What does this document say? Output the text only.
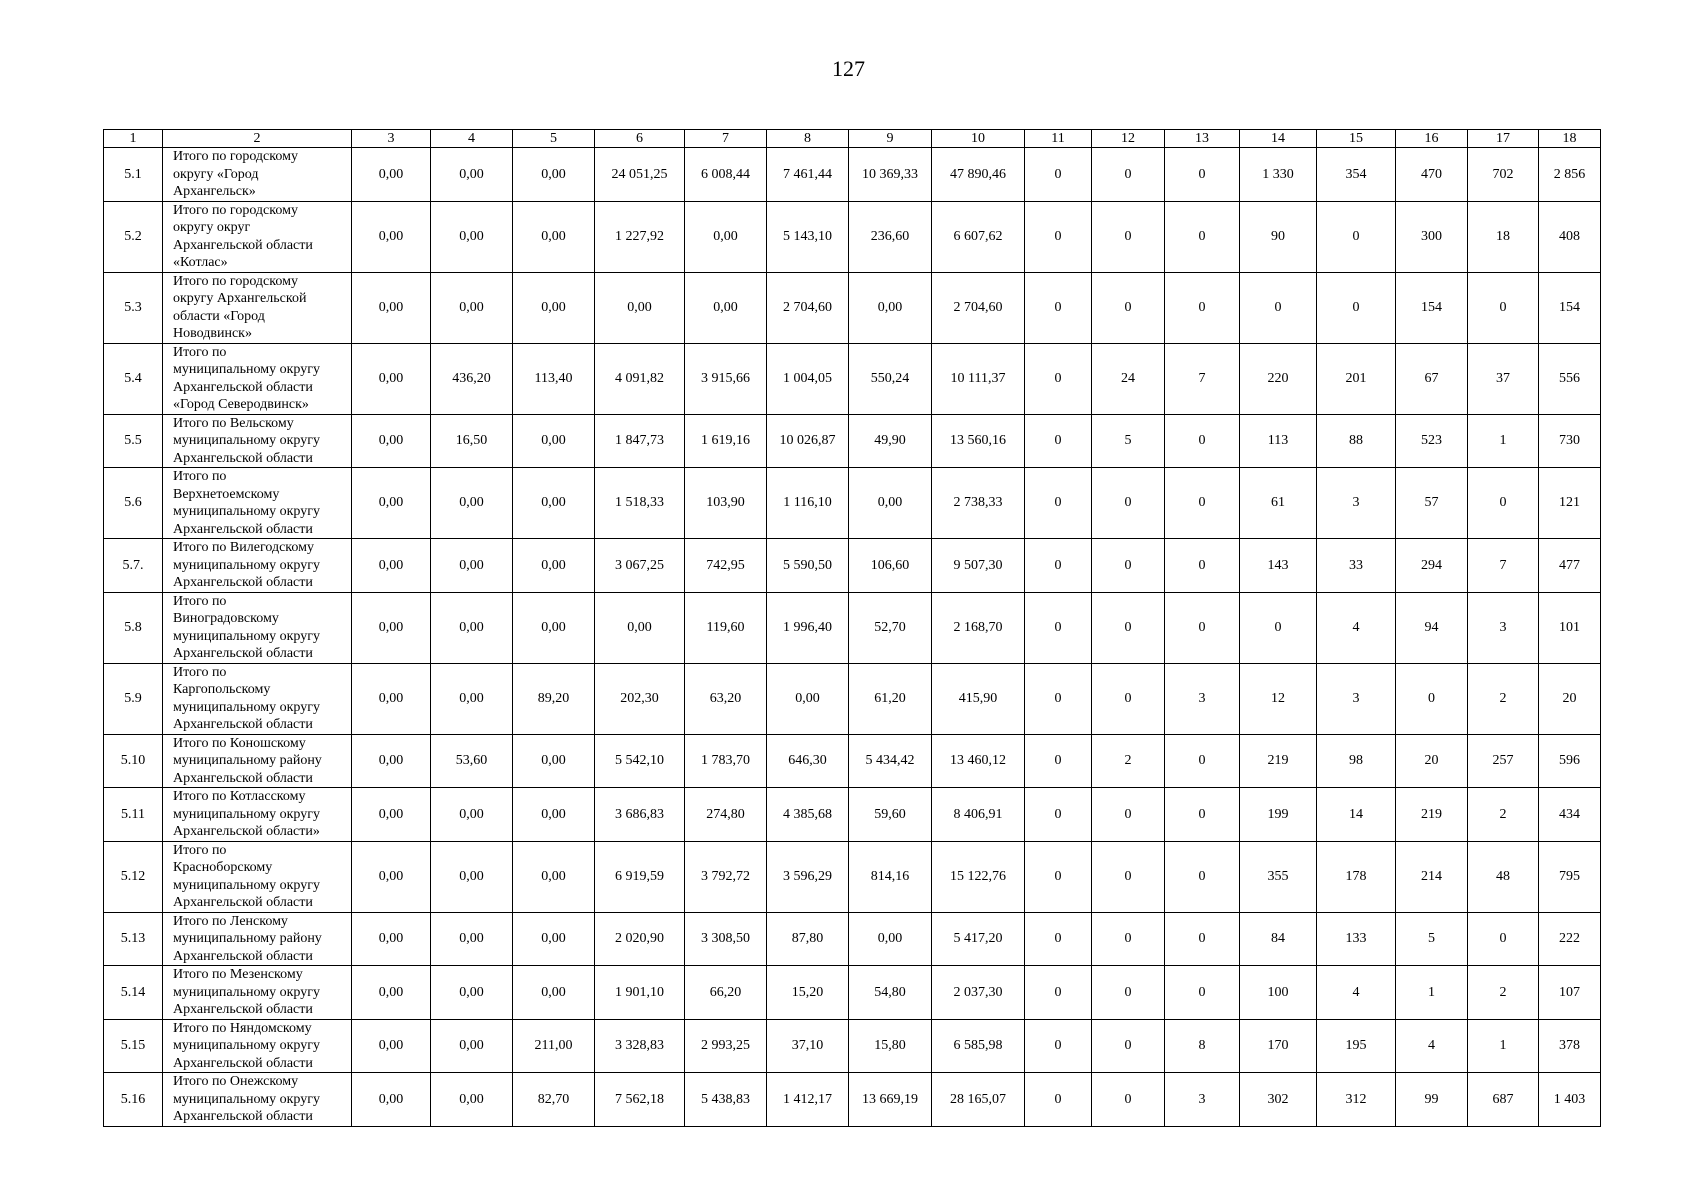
127
1	2	3	4	5	6	7	8	9	10	11	12	13	14	15	16	17	18
5.1	Итого по городскому
округу «Город
Архангельск»	0,00	0,00	0,00	24 051,25	6 008,44	7 461,44	10 369,33	47 890,46	0	0	0	1 330	354	470	702	2 856
5.2	Итого по городскому
округу округ
Архангельской области
«Котлас»	0,00	0,00	0,00	1 227,92	0,00	5 143,10	236,60	6 607,62	0	0	0	90	0	300	18	408
5.3	Итого по городскому
округу Архангельской
области «Город
Новодвинск»	0,00	0,00	0,00	0,00	0,00	2 704,60	0,00	2 704,60	0	0	0	0	0	154	0	154
5.4	Итого по
муниципальному округу
Архангельской области
«Город Северодвинск»	0,00	436,20	113,40	4 091,82	3 915,66	1 004,05	550,24	10 111,37	0	24	7	220	201	67	37	556
5.5	Итого по Вельскому
муниципальному округу
Архангельской области	0,00	16,50	0,00	1 847,73	1 619,16	10 026,87	49,90	13 560,16	0	5	0	113	88	523	1	730
5.6	Итого по
Верхнетоемскому
муниципальному округу
Архангельской области	0,00	0,00	0,00	1 518,33	103,90	1 116,10	0,00	2 738,33	0	0	0	61	3	57	0	121
5.7.	Итого по Вилегодскому
муниципальному округу
Архангельской области	0,00	0,00	0,00	3 067,25	742,95	5 590,50	106,60	9 507,30	0	0	0	143	33	294	7	477
5.8	Итого по
Виноградовскому
муниципальному округу
Архангельской области	0,00	0,00	0,00	0,00	119,60	1 996,40	52,70	2 168,70	0	0	0	0	4	94	3	101
5.9	Итого по
Каргопольскому
муниципальному округу
Архангельской области	0,00	0,00	89,20	202,30	63,20	0,00	61,20	415,90	0	0	3	12	3	0	2	20
5.10	Итого по Коношскому
муниципальному району
Архангельской области	0,00	53,60	0,00	5 542,10	1 783,70	646,30	5 434,42	13 460,12	0	2	0	219	98	20	257	596
5.11	Итого по Котласскому
муниципальному округу
Архангельской области»	0,00	0,00	0,00	3 686,83	274,80	4 385,68	59,60	8 406,91	0	0	0	199	14	219	2	434
5.12	Итого по
Красноборскому
муниципальному округу
Архангельской области	0,00	0,00	0,00	6 919,59	3 792,72	3 596,29	814,16	15 122,76	0	0	0	355	178	214	48	795
5.13	Итого по Ленскому
муниципальному району
Архангельской области	0,00	0,00	0,00	2 020,90	3 308,50	87,80	0,00	5 417,20	0	0	0	84	133	5	0	222
5.14	Итого по Мезенскому
муниципальному округу
Архангельской области	0,00	0,00	0,00	1 901,10	66,20	15,20	54,80	2 037,30	0	0	0	100	4	1	2	107
5.15	Итого по Няндомскому
муниципальному округу
Архангельской области	0,00	0,00	211,00	3 328,83	2 993,25	37,10	15,80	6 585,98	0	0	8	170	195	4	1	378
5.16	Итого по Онежскому
муниципальному округу
Архангельской области	0,00	0,00	82,70	7 562,18	5 438,83	1 412,17	13 669,19	28 165,07	0	0	3	302	312	99	687	1 403
